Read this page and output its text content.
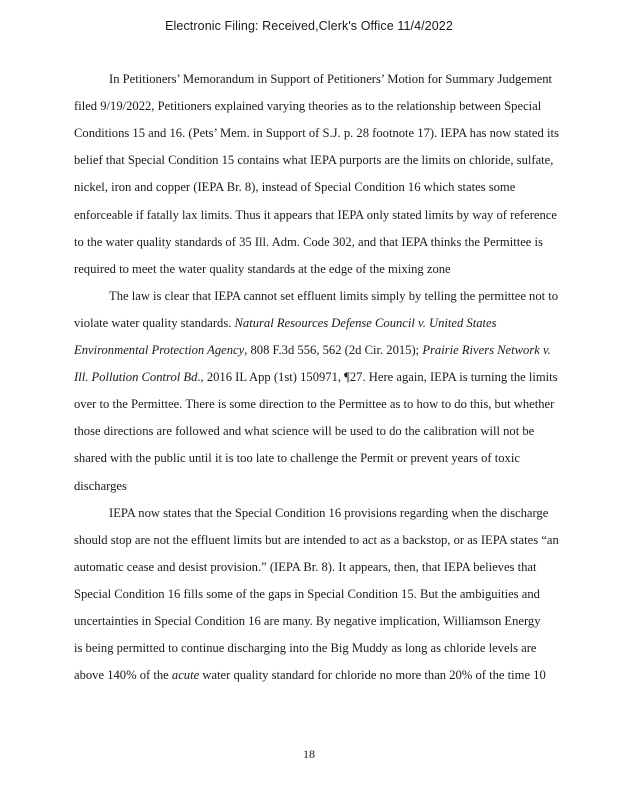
Electronic Filing: Received,Clerk's Office 11/4/2022
In Petitioners’ Memorandum in Support of Petitioners’ Motion for Summary Judgement
filed 9/19/2022, Petitioners explained varying theories as to the relationship between Special
Conditions 15 and 16. (Pets’ Mem. in Support of S.J. p. 28 footnote 17). IEPA has now stated its
belief that Special Condition 15 contains what IEPA purports are the limits on chloride, sulfate,
nickel, iron and copper (IEPA Br. 8), instead of Special Condition 16 which states some
enforceable if fatally lax limits. Thus it appears that IEPA only stated limits by way of reference
to the water quality standards of 35 Ill. Adm. Code 302, and that IEPA thinks the Permittee is
required to meet the water quality standards at the edge of the mixing zone
The law is clear that IEPA cannot set effluent limits simply by telling the permittee not to
violate water quality standards. Natural Resources Defense Council v. United States
Environmental Protection Agency, 808 F.3d 556, 562 (2d Cir. 2015); Prairie Rivers Network v.
Ill. Pollution Control Bd., 2016 IL App (1st) 150971, ¶27. Here again, IEPA is turning the limits
over to the Permittee. There is some direction to the Permittee as to how to do this, but whether
those directions are followed and what science will be used to do the calibration will not be
shared with the public until it is too late to challenge the Permit or prevent years of toxic
discharges
IEPA now states that the Special Condition 16 provisions regarding when the discharge
should stop are not the effluent limits but are intended to act as a backstop, or as IEPA states “an
automatic cease and desist provision.” (IEPA Br. 8). It appears, then, that IEPA believes that
Special Condition 16 fills some of the gaps in Special Condition 15. But the ambiguities and
uncertainties in Special Condition 16 are many. By negative implication, Williamson Energy
is being permitted to continue discharging into the Big Muddy as long as chloride levels are
above 140% of the acute water quality standard for chloride no more than 20% of the time 10
18
